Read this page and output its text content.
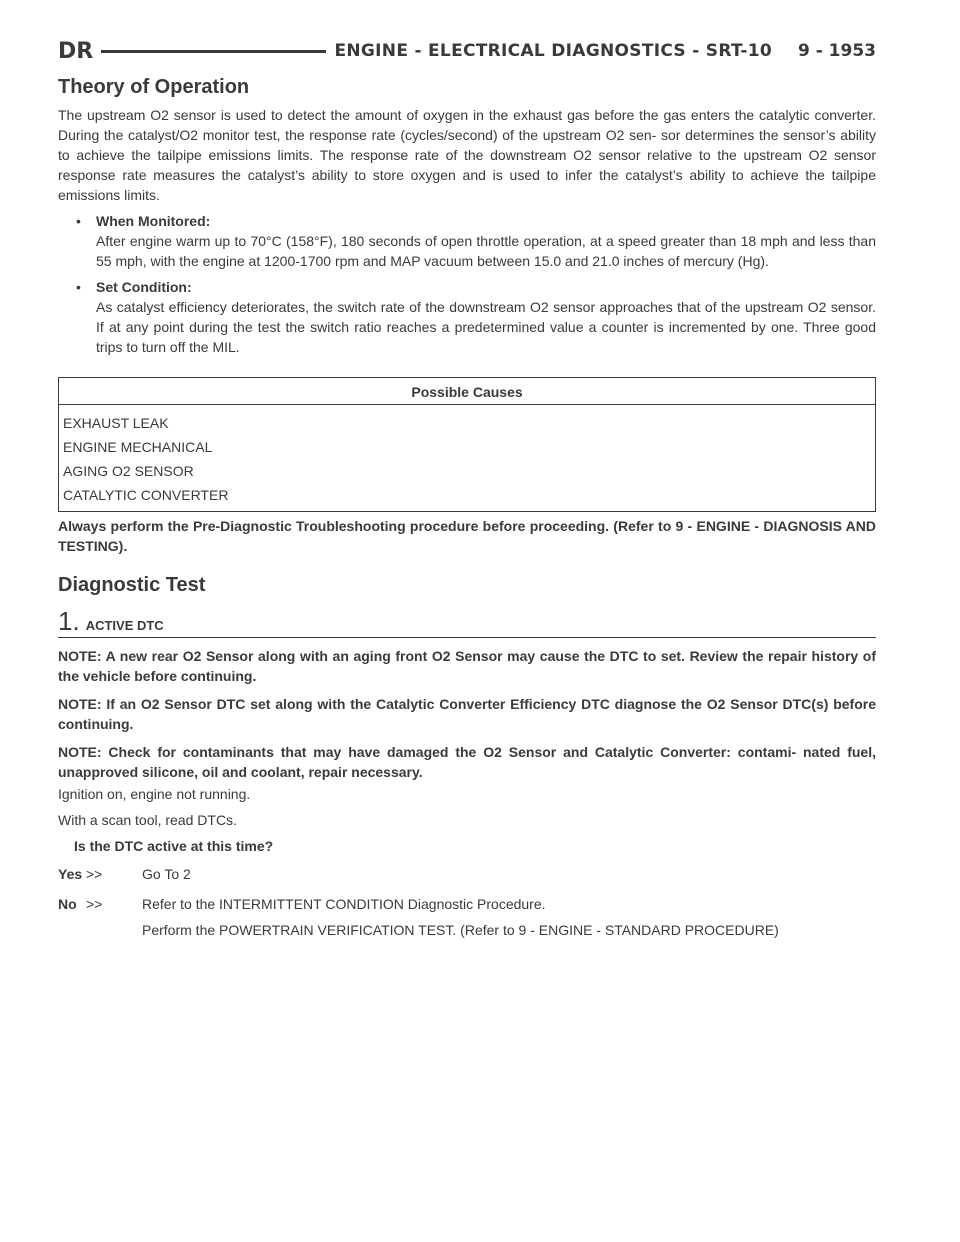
DR	ENGINE - ELECTRICAL DIAGNOSTICS - SRT-10 9 - 1953
Theory of Operation

The upstream O2 sensor is used to detect the amount of oxygen in the exhaust gas before the gas enters the catalytic converter. During the catalyst/O2 monitor test, the response rate (cycles/second) of the upstream O2 sen- sor determines the sensor’s ability to achieve the tailpipe emissions limits. The response rate of the downstream O2 sensor relative to the upstream O2 sensor response rate measures the catalyst’s ability to store oxygen and is used to infer the catalyst’s ability to achieve the tailpipe emissions limits.

• When Monitored:
After engine warm up to 70°C (158°F), 180 seconds of open throttle operation, at a speed greater than 18 mph and less than 55 mph, with the engine at 1200-1700 rpm and MAP vacuum between 15.0 and 21.0 inches of mercury (Hg).
• Set Condition:
As catalyst efficiency deteriorates, the switch rate of the downstream O2 sensor approaches that of the upstream O2 sensor. If at any point during the test the switch ratio reaches a predetermined value a counter is incremented by one. Three good trips to turn off the MIL.
Possible Causes
EXHAUST LEAK
ENGINE MECHANICAL
AGING O2 SENSOR
CATALYTIC CONVERTER
Always perform the Pre-Diagnostic Troubleshooting procedure before proceeding. (Refer to 9 - ENGINE - DIAGNOSIS AND TESTING).
Diagnostic Test
1. ACTIVE DTC
NOTE: A new rear O2 Sensor along with an aging front O2 Sensor may cause the DTC to set. Review the repair history of the vehicle before continuing.
NOTE: If an O2 Sensor DTC set along with the Catalytic Converter Efficiency DTC diagnose the O2 Sensor DTC(s) before continuing.
NOTE: Check for contaminants that may have damaged the O2 Sensor and Catalytic Converter: contami- nated fuel, unapproved silicone, oil and coolant, repair necessary.
Ignition on, engine not running.
With a scan tool, read DTCs.
Is the DTC active at this time?
Yes >>	Go To 2
No >>	Refer to the INTERMITTENT CONDITION Diagnostic Procedure.
Perform the POWERTRAIN VERIFICATION TEST. (Refer to 9 - ENGINE - STANDARD PROCEDURE)
